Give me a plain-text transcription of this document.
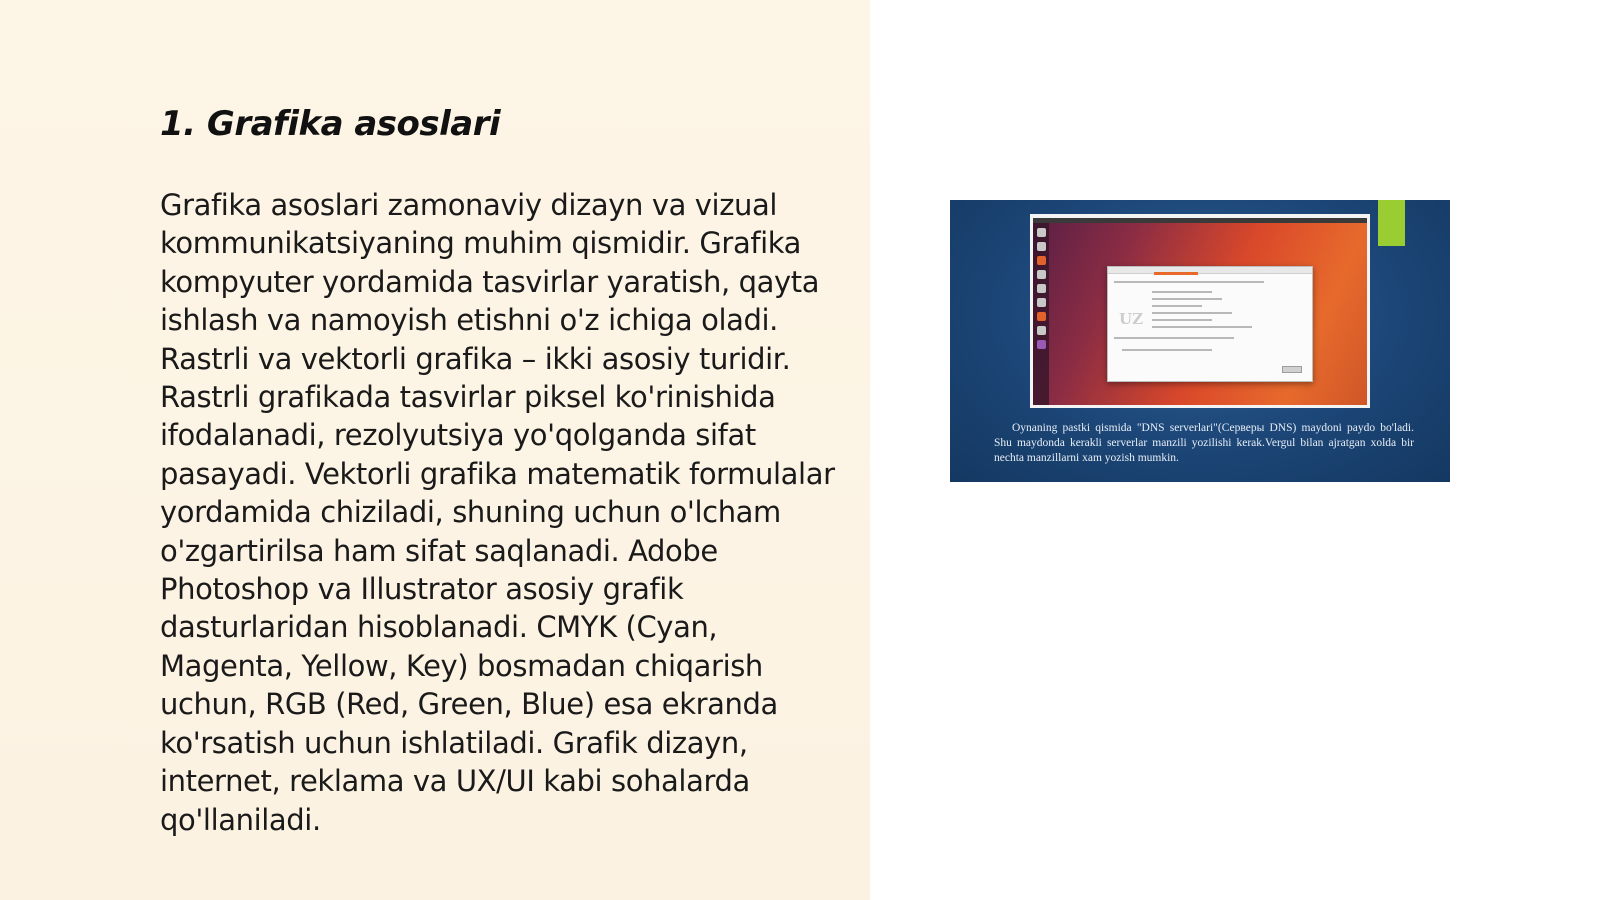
1. Grafika asoslari

Grafika asoslari zamonaviy dizayn va vizual kommunikatsiyaning muhim qismidir. Grafika kompyuter yordamida tasvirlar yaratish, qayta ishlash va namoyish etishni o'z ichiga oladi. Rastrli va vektorli grafika – ikki asosiy turidir. Rastrli grafikada tasvirlar piksel ko'rinishida ifodalanadi, rezolyutsiya yo'qolganda sifat pasayadi. Vektorli grafika matematik formulalar yordamida chiziladi, shuning uchun o'lcham o'zgartirilsa ham sifat saqlanadi. Adobe Photoshop va Illustrator asosiy grafik dasturlaridan hisoblanadi. CMYK (Cyan, Magenta, Yellow, Key) bosmadan chiqarish uchun, RGB (Red, Green, Blue) esa ekranda ko'rsatish uchun ishlatiladi. Grafik dizayn, internet, reklama va UX/UI kabi sohalarda qo'llaniladi.

UZ

Oynaning pastki qismida "DNS serverlari"(Серверы DNS) maydoni paydo bo'ladi. Shu maydonda kerakli serverlar manzili yozilishi kerak.Vergul bilan ajratgan xolda bir nechta manzillarni xam yozish mumkin.
